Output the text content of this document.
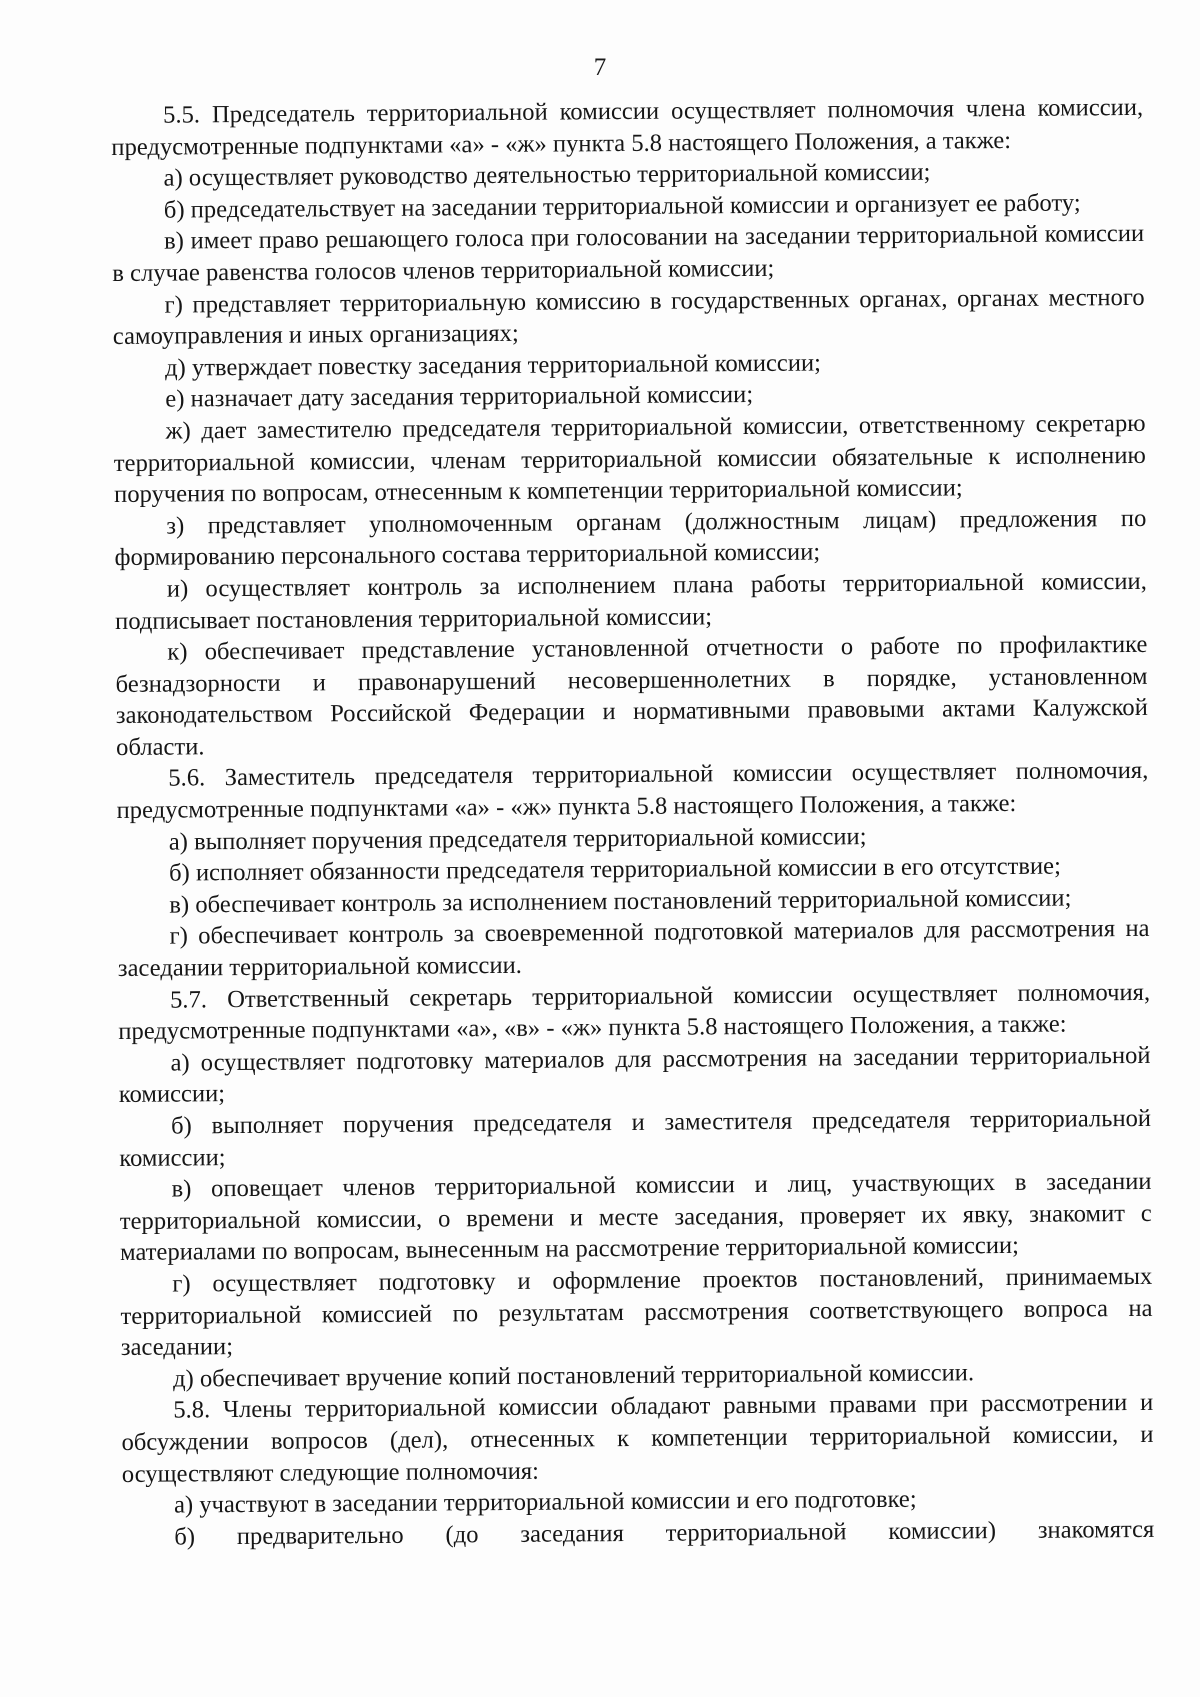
7

5.5. Председатель территориальной комиссии осуществляет полномочия члена комиссии, предусмотренные подпунктами «а» - «ж» пункта 5.8 настоящего Положения, а также:

а) осуществляет руководство деятельностью территориальной комиссии;

б) председательствует на заседании территориальной комиссии и организует ее работу;

в) имеет право решающего голоса при голосовании на заседании территориальной комиссии в случае равенства голосов членов территориальной комиссии;

г) представляет территориальную комиссию в государственных органах, органах местного самоуправления и иных организациях;

д) утверждает повестку заседания территориальной комиссии;

е) назначает дату заседания территориальной комиссии;

ж) дает заместителю председателя территориальной комиссии, ответственному секретарю территориальной комиссии, членам территориальной комиссии обязательные к исполнению поручения по вопросам, отнесенным к компетенции территориальной комиссии;

з) представляет уполномоченным органам (должностным лицам) предложения по формированию персонального состава территориальной комиссии;

и) осуществляет контроль за исполнением плана работы территориальной комиссии, подписывает постановления территориальной комиссии;

к) обеспечивает представление установленной отчетности о работе по профилактике безнадзорности и правонарушений несовершеннолетних в порядке, установленном законодательством Российской Федерации и нормативными правовыми актами Калужской области.

5.6. Заместитель председателя территориальной комиссии осуществляет полномочия, предусмотренные подпунктами «а» - «ж» пункта 5.8 настоящего Положения, а также:

а) выполняет поручения председателя территориальной комиссии;

б) исполняет обязанности председателя территориальной комиссии в его отсутствие;

в) обеспечивает контроль за исполнением постановлений территориальной комиссии;

г) обеспечивает контроль за своевременной подготовкой материалов для рассмотрения на заседании территориальной комиссии.

5.7. Ответственный секретарь территориальной комиссии осуществляет полномочия, предусмотренные подпунктами «а», «в» - «ж» пункта 5.8 настоящего Положения, а также:

а) осуществляет подготовку материалов для рассмотрения на заседании территориальной комиссии;

б) выполняет поручения председателя и заместителя председателя территориальной комиссии;

в) оповещает членов территориальной комиссии и лиц, участвующих в заседании территориальной комиссии, о времени и месте заседания, проверяет их явку, знакомит с материалами по вопросам, вынесенным на рассмотрение территориальной комиссии;

г) осуществляет подготовку и оформление проектов постановлений, принимаемых территориальной комиссией по результатам рассмотрения соответствующего вопроса на заседании;

д) обеспечивает вручение копий постановлений территориальной комиссии.

5.8. Члены территориальной комиссии обладают равными правами при рассмотрении и обсуждении вопросов (дел), отнесенных к компетенции территориальной комиссии, и осуществляют следующие полномочия:

а) участвуют в заседании территориальной комиссии и его подготовке;

б) предварительно (до заседания территориальной комиссии) знакомятся
